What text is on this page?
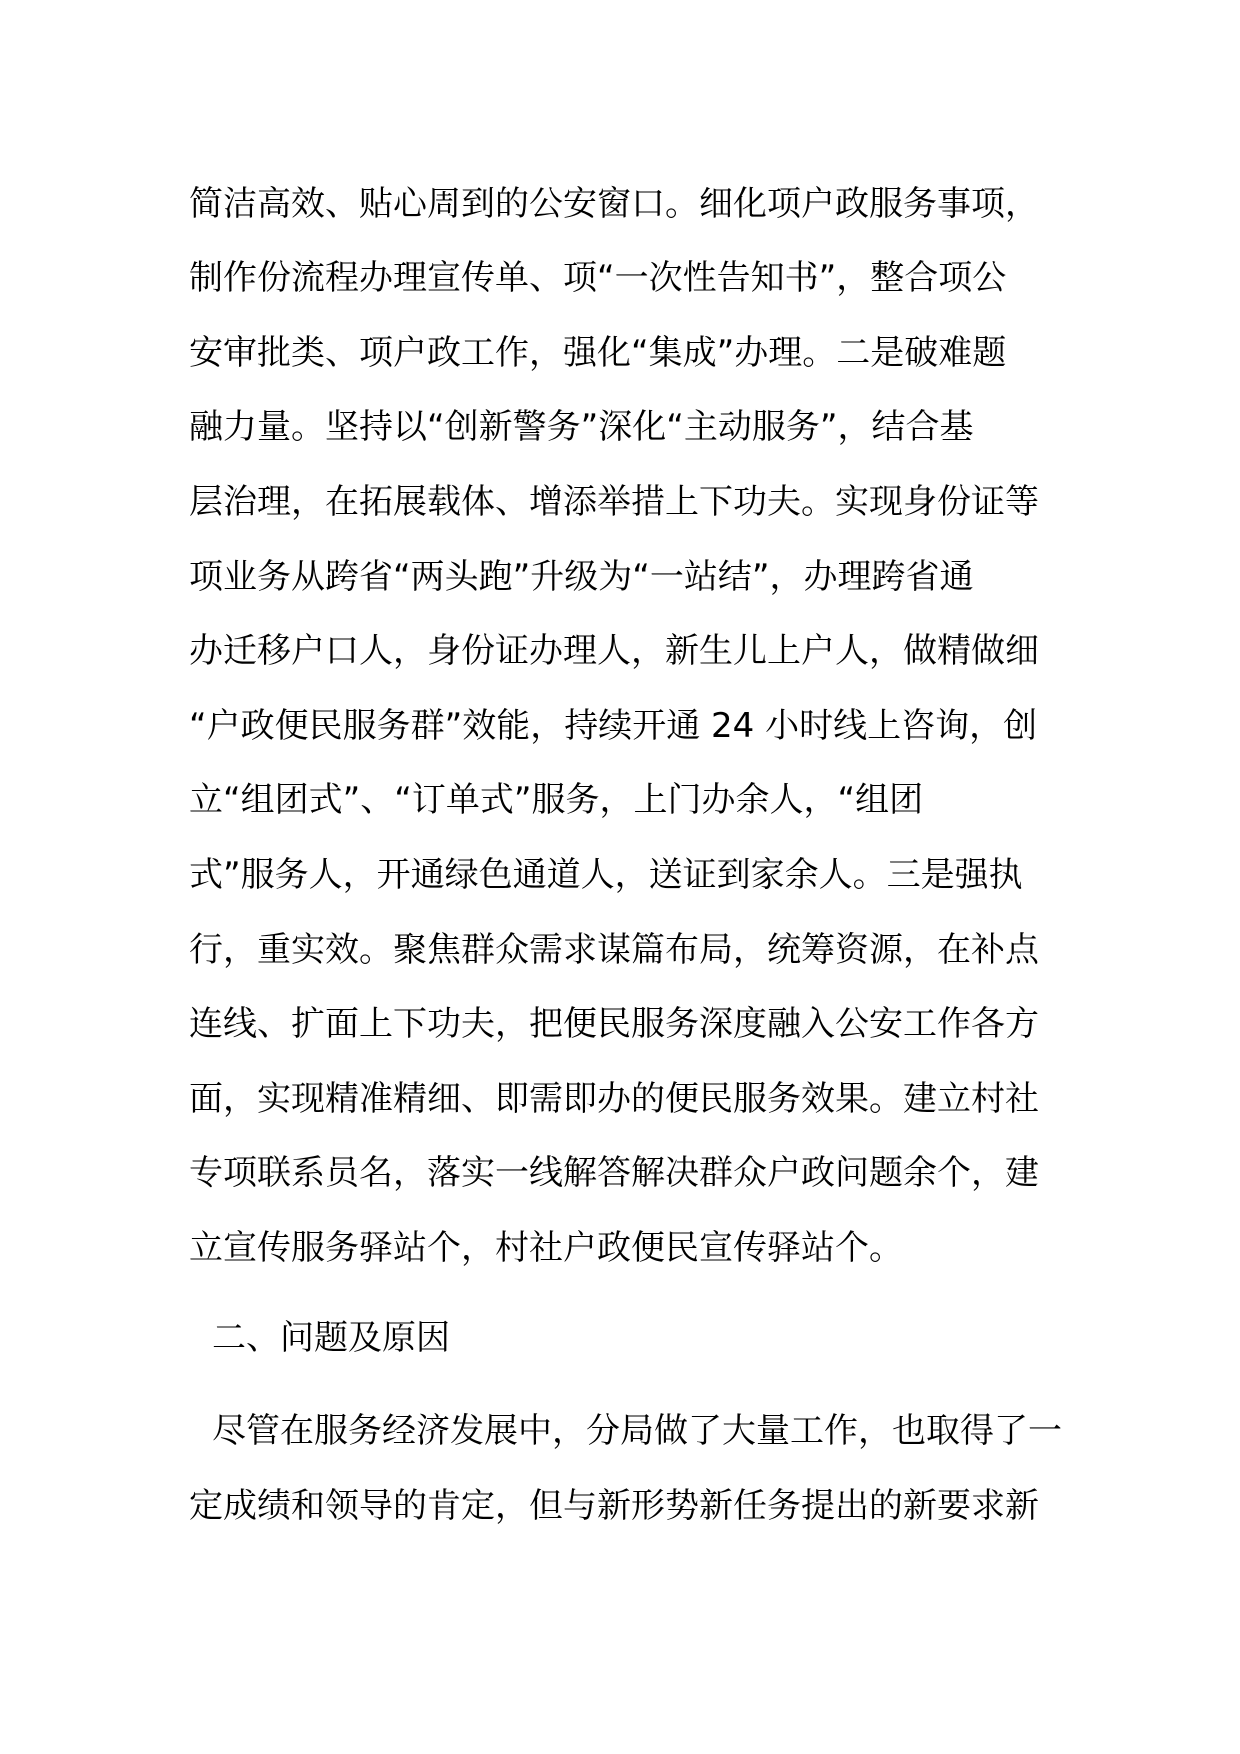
简洁高效、贴心周到的公安窗口。细化项户政服务事项，
制作份流程办理宣传单、项“一次性告知书”，整合项公
安审批类、项户政工作，强化“集成”办理。二是破难题
融力量。坚持以“创新警务”深化“主动服务”，结合基
层治理，在拓展载体、增添举措上下功夫。实现身份证等
项业务从跨省“两头跑”升级为“一站结”，办理跨省通
办迁移户口人，身份证办理人，新生儿上户人，做精做细
“户政便民服务群”效能，持续开通 24 小时线上咨询，创
立“组团式”、“订单式”服务，上门办余人，“组团
式”服务人，开通绿色通道人，送证到家余人。三是强执
行，重实效。聚焦群众需求谋篇布局，统筹资源，在补点
连线、扩面上下功夫，把便民服务深度融入公安工作各方
面，实现精准精细、即需即办的便民服务效果。建立村社
专项联系员名，落实一线解答解决群众户政问题余个，建
立宣传服务驿站个，村社户政便民宣传驿站个。
二、问题及原因
尽管在服务经济发展中，分局做了大量工作，也取得了一
定成绩和领导的肯定，但与新形势新任务提出的新要求新
